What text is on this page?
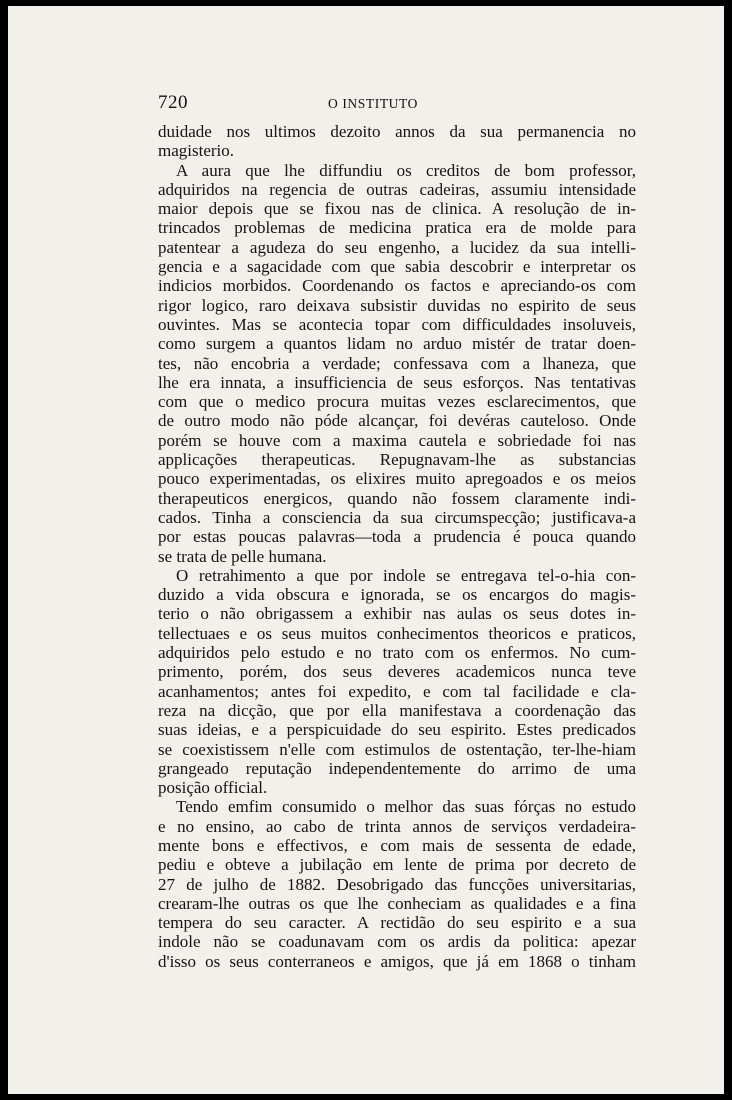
720	O INSTITUTO
duidade nos ultimos dezoito annos da sua permanencia no
magisterio.
A aura que lhe diffundiu os creditos de bom professor,
adquiridos na regencia de outras cadeiras, assumiu intensidade
maior depois que se fixou nas de clinica. A resolução de in-
trincados problemas de medicina pratica era de molde para
patentear a agudeza do seu engenho, a lucidez da sua intelli-
gencia e a sagacidade com que sabia descobrir e interpretar os
indicios morbidos. Coordenando os factos e apreciando-os com
rigor logico, raro deixava subsistir duvidas no espirito de seus
ouvintes. Mas se acontecia topar com difficuldades insoluveis,
como surgem a quantos lidam no arduo mistér de tratar doen-
tes, não encobria a verdade; confessava com a lhaneza, que
lhe era innata, a insufficiencia de seus esforços. Nas tentativas
com que o medico procura muitas vezes esclarecimentos, que
de outro modo não póde alcançar, foi devéras cauteloso. Onde
porém se houve com a maxima cautela e sobriedade foi nas
applicações therapeuticas. Repugnavam-lhe as substancias
pouco experimentadas, os elixires muito apregoados e os meios
therapeuticos energicos, quando não fossem claramente indi-
cados. Tinha a consciencia da sua circumspecção; justificava-a
por estas poucas palavras—toda a prudencia é pouca quando
se trata de pelle humana.
O retrahimento a que por indole se entregava tel-o-hia con-
duzido a vida obscura e ignorada, se os encargos do magis-
terio o não obrigassem a exhibir nas aulas os seus dotes in-
tellectuaes e os seus muitos conhecimentos theoricos e praticos,
adquiridos pelo estudo e no trato com os enfermos. No cum-
primento, porém, dos seus deveres academicos nunca teve
acanhamentos; antes foi expedito, e com tal facilidade e cla-
reza na dicção, que por ella manifestava a coordenação das
suas ideias, e a perspicuidade do seu espirito. Estes predicados
se coexistissem n'elle com estimulos de ostentação, ter-lhe-hiam
grangeado reputação independentemente do arrimo de uma
posição official.
Tendo emfim consumido o melhor das suas fórças no estudo
e no ensino, ao cabo de trinta annos de serviços verdadeira-
mente bons e effectivos, e com mais de sessenta de edade,
pediu e obteve a jubilação em lente de prima por decreto de
27 de julho de 1882. Desobrigado das funcções universitarias,
crearam-lhe outras os que lhe conheciam as qualidades e a fina
tempera do seu caracter. A rectidão do seu espirito e a sua
indole não se coadunavam com os ardis da politica: apezar
d'isso os seus conterraneos e amigos, que já em 1868 o tinham
